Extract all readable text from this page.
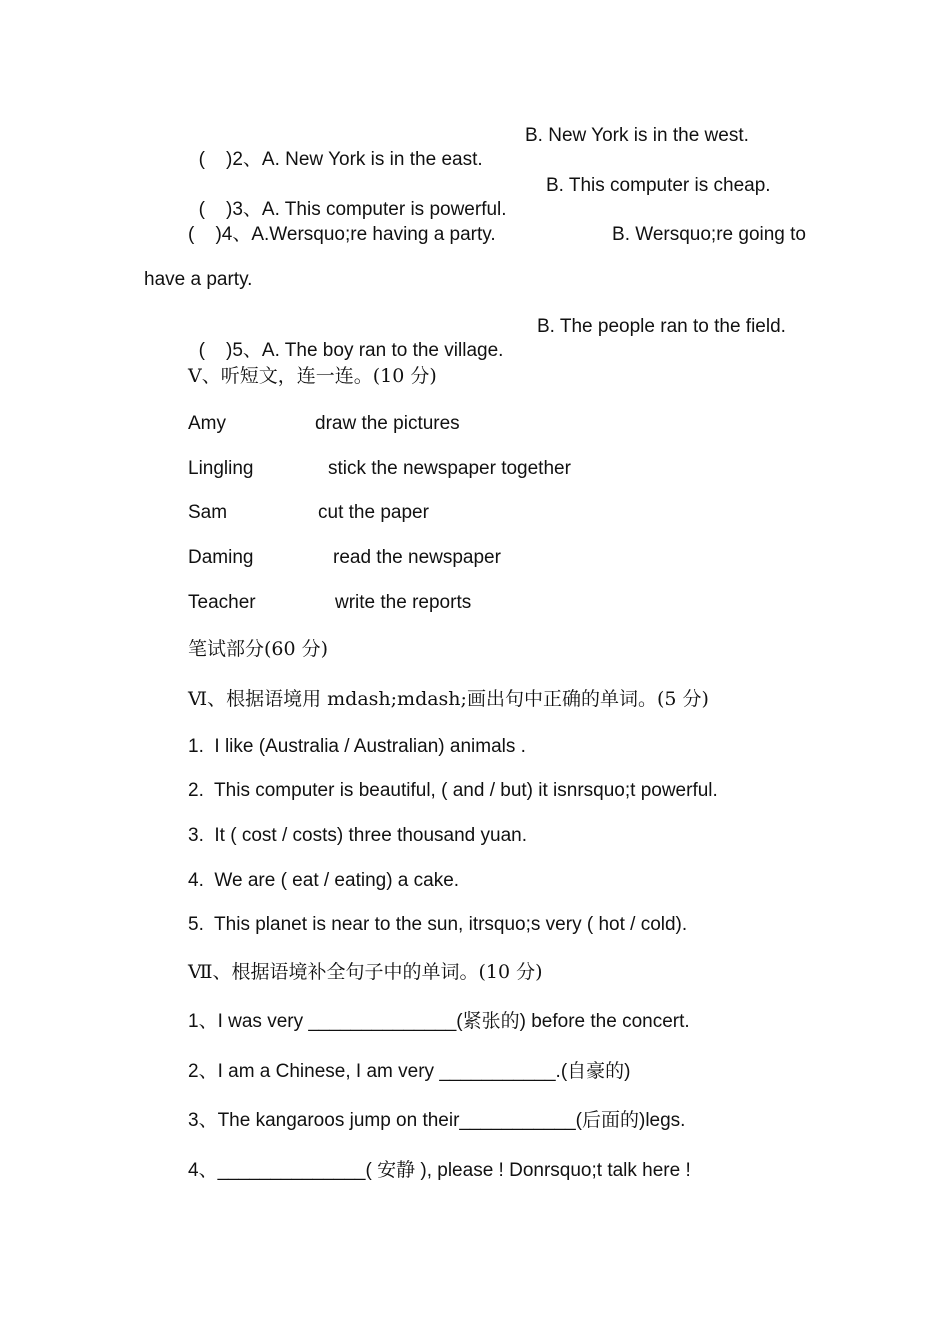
(    )2、A. New York is in the east.

B. New York is in the west.

(    )3、A. This computer is powerful.

B. This computer is cheap.
(    )4、A.Wersquo;re having a party.	B. Wersquo;re going to
have a party.

(    )5、A. The boy ran to the village.

B. The people ran to the field.
Ⅴ、听短文，连一连。(10 分)
Amy	draw the pictures
Lingling	stick the newspaper together
Sam	cut the paper
Daming	read the newspaper
Teacher	write the reports
笔试部分(60 分)
Ⅵ、根据语境用 mdash;mdash;画出句中正确的单词。(5 分)
1.  I like (Australia / Australian) animals .
2.  This computer is beautiful, ( and / but) it isnrsquo;t powerful.
3.  It ( cost / costs) three thousand yuan.
4.  We are ( eat / eating) a cake.
5.  This planet is near to the sun, itrsquo;s very ( hot / cold).
Ⅶ、根据语境补全句子中的单词。(10 分)
1、I was very ______________(紧张的) before the concert.
2、I am a Chinese, I am very ___________.(自豪的)
3、The kangaroos jump on their___________(后面的)legs.
4、______________( 安静 ), please ! Donrsquo;t talk here !
